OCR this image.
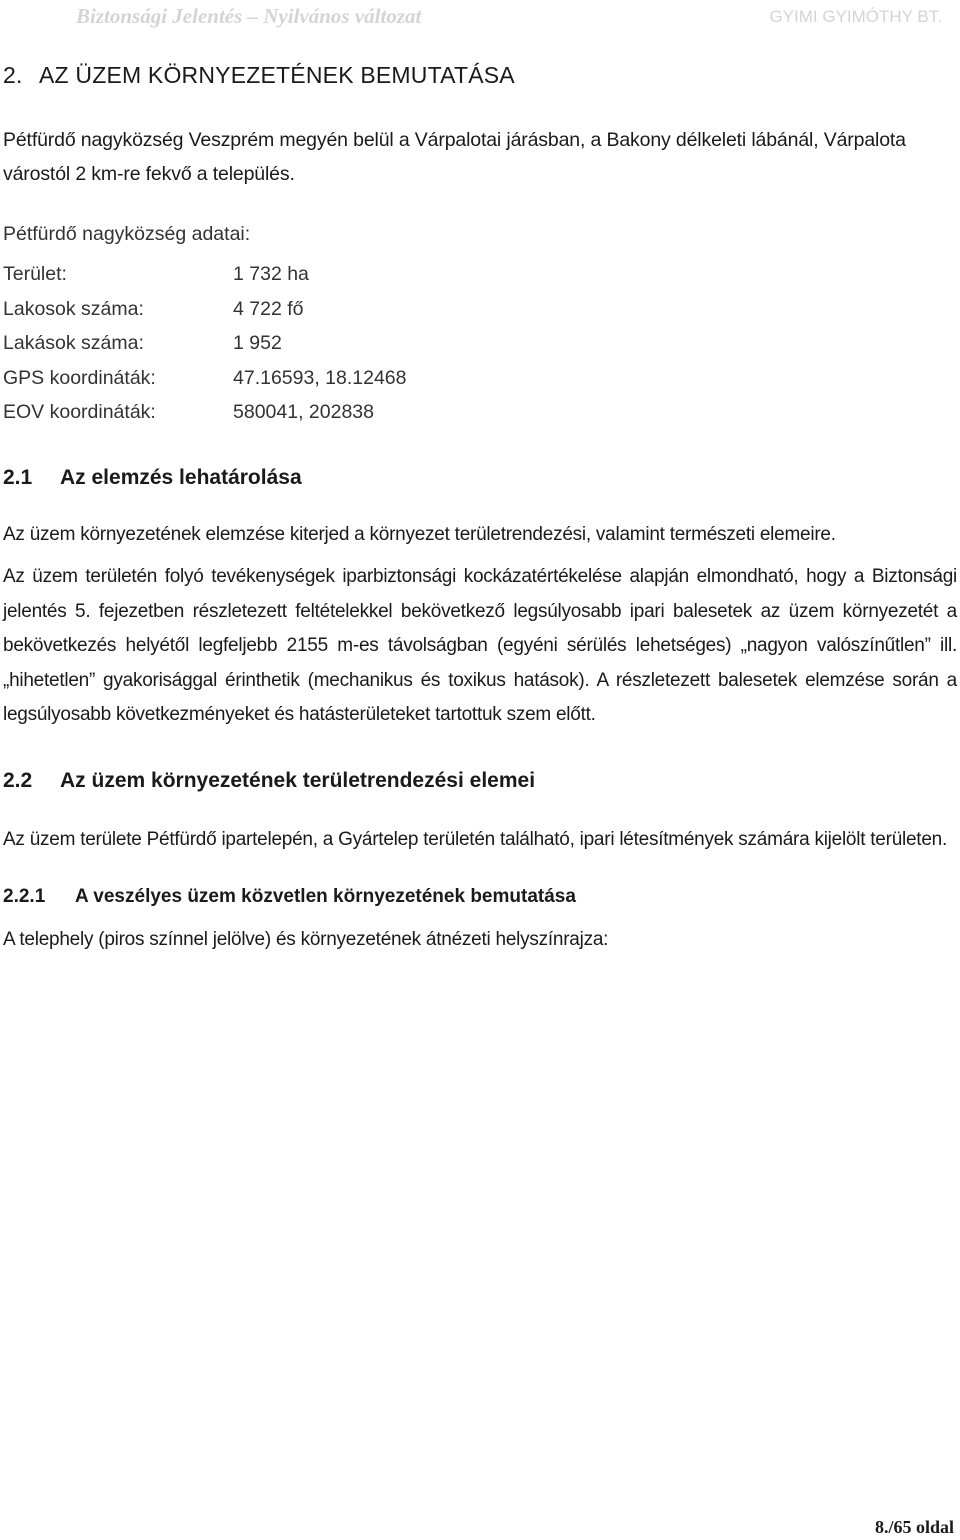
Biztonsági Jelentés – Nyilvános változat	GYIMI GYIMÓTHY BT.
2. AZ ÜZEM KÖRNYEZETÉNEK BEMUTATÁSA

Pétfürdő nagyközség Veszprém megyén belül a Várpalotai járásban, a Bakony délkeleti lábánál, Várpalota várostól 2 km-re fekvő a település.

Pétfürdő nagyközség adatai:

Terület:	1 732 ha
Lakosok száma:	4 722 fő
Lakások száma:	1 952
GPS koordináták:	47.16593, 18.12468
EOV koordináták:	580041, 202838
2.1 Az elemzés lehatárolása

Az üzem környezetének elemzése kiterjed a környezet területrendezési, valamint természeti elemeire.

Az üzem területén folyó tevékenységek iparbiztonsági kockázatértékelése alapján elmondható, hogy a Biztonsági jelentés 5. fejezetben részletezett feltételekkel bekövetkező legsúlyosabb ipari balesetek az üzem környezetét a bekövetkezés helyétől legfeljebb 2155 m-es távolságban (egyéni sérülés lehetséges) „nagyon valószínűtlen” ill. „hihetetlen” gyakorisággal érinthetik (mechanikus és toxikus hatások). A részletezett balesetek elemzése során a legsúlyosabb következményeket és hatásterületeket tartottuk szem előtt.

2.2 Az üzem környezetének területrendezési elemei

Az üzem területe Pétfürdő ipartelepén, a Gyártelep területén található, ipari létesítmények számára kijelölt területen.

2.2.1 A veszélyes üzem közvetlen környezetének bemutatása

A telephely (piros színnel jelölve) és környezetének átnézeti helyszínrajza:

8./65 oldal
